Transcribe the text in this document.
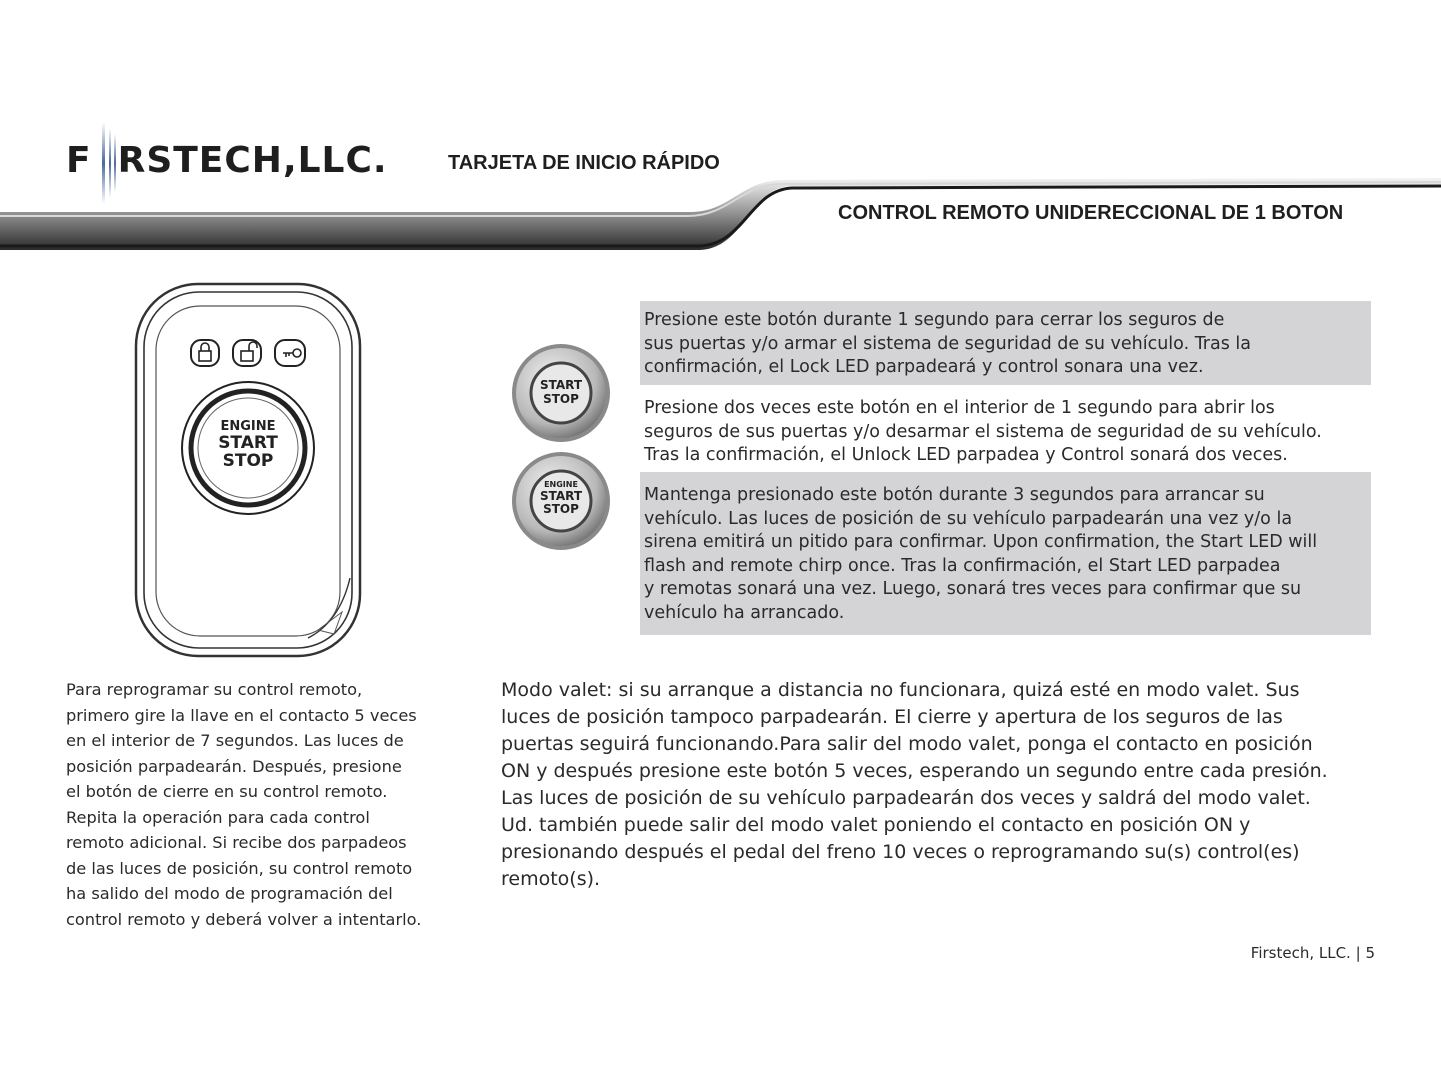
F RSTECH,LLC.	TARJETA DE INICIO RÁPIDO
CONTROL REMOTO UNIDERECCIONAL DE 1 BOTON
ENGINE
START
STOP
START
STOP
ENGINE
START
STOP
Presione este botón durante 1 segundo para cerrar los seguros de
sus puertas y/o armar el sistema de seguridad de su vehículo. Tras la
confirmación, el Lock LED parpadeará y control sonara una vez.
Presione dos veces este botón en el interior de 1 segundo para abrir los
seguros de sus puertas y/o desarmar el sistema de seguridad de su vehículo.
Tras la confirmación, el Unlock LED parpadea y Control sonará dos veces.
Mantenga presionado este botón durante 3 segundos para arrancar su
vehículo. Las luces de posición de su vehículo parpadearán una vez y/o la
sirena emitirá un pitido para confirmar. Upon confirmation, the Start LED will
flash and remote chirp once. Tras la confirmación, el Start LED parpadea
y remotas sonará una vez. Luego, sonará tres veces para confirmar que su
vehículo ha arrancado.
Para reprogramar su control remoto,
primero gire la llave en el contacto 5 veces
en el interior de 7 segundos. Las luces de
posición parpadearán. Después, presione
el botón de cierre en su control remoto.
Repita la operación para cada control
remoto adicional. Si recibe dos parpadeos
de las luces de posición, su control remoto
ha salido del modo de programación del
control remoto y deberá volver a intentarlo.
Modo valet: si su arranque a distancia no funcionara, quizá esté en modo valet. Sus
luces de posición tampoco parpadearán. El cierre y apertura de los seguros de las
puertas seguirá funcionando.Para salir del modo valet, ponga el contacto en posición
ON y después presione este botón 5 veces, esperando un segundo entre cada presión.
Las luces de posición de su vehículo parpadearán dos veces y saldrá del modo valet.
Ud. también puede salir del modo valet poniendo el contacto en posición ON y
presionando después el pedal del freno 10 veces o reprogramando su(s) control(es)
remoto(s).
Firstech, LLC. | 5
